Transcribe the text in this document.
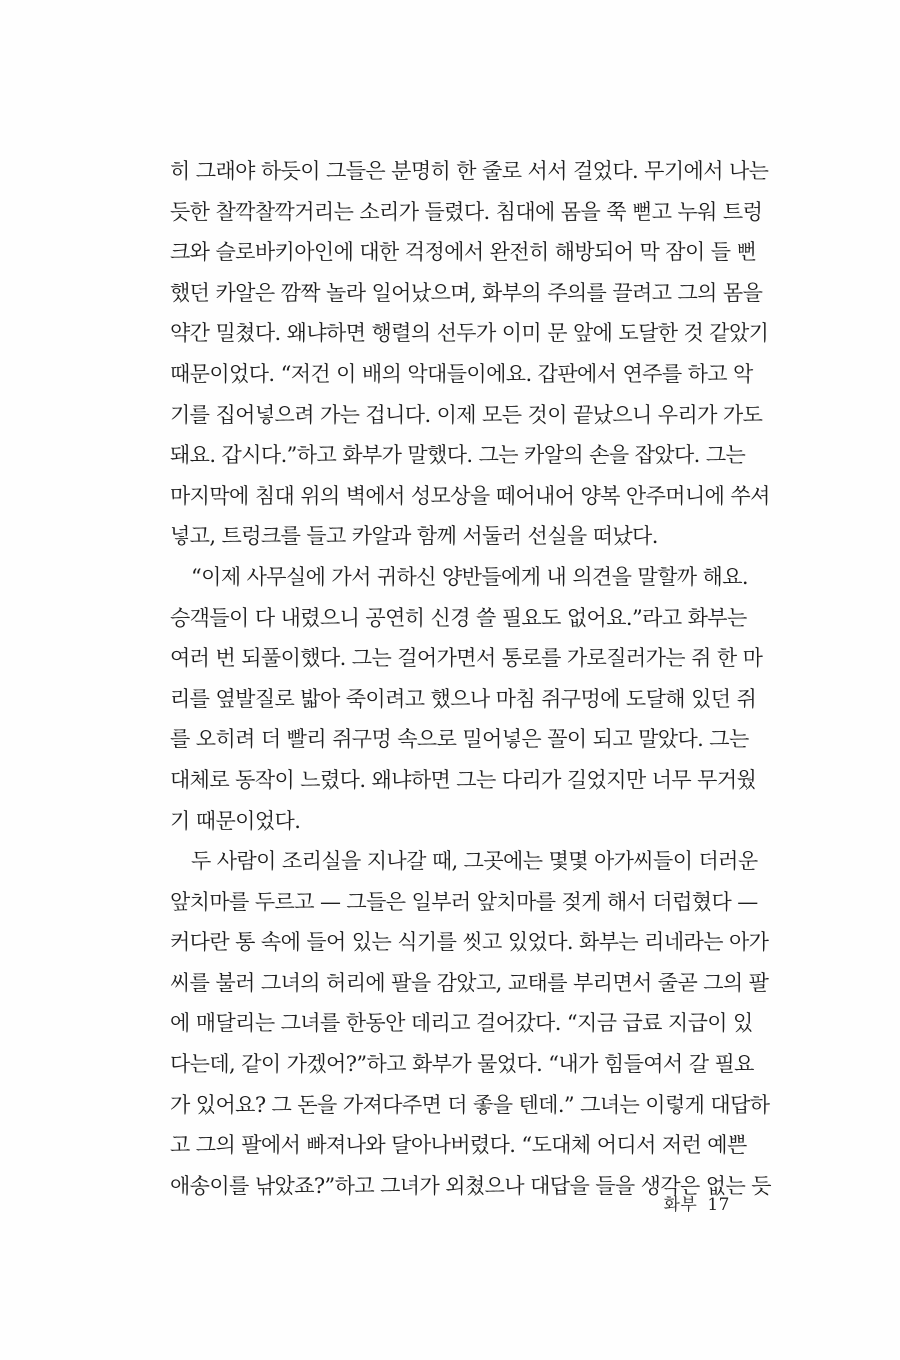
히 그래야 하듯이 그들은 분명히 한 줄로 서서 걸었다. 무기에서 나는
듯한 찰깍찰깍거리는 소리가 들렸다. 침대에 몸을 쭉 뻗고 누워 트렁
크와 슬로바키아인에 대한 걱정에서 완전히 해방되어 막 잠이 들 뻔
했던 카알은 깜짝 놀라 일어났으며, 화부의 주의를 끌려고 그의 몸을
약간 밀쳤다. 왜냐하면 행렬의 선두가 이미 문 앞에 도달한 것 같았기
때문이었다. “저건 이 배의 악대들이에요. 갑판에서 연주를 하고 악
기를 집어넣으려 가는 겁니다. 이제 모든 것이 끝났으니 우리가 가도
돼요. 갑시다.”하고 화부가 말했다. 그는 카알의 손을 잡았다. 그는
마지막에 침대 위의 벽에서 성모상을 떼어내어 양복 안주머니에 쑤셔
넣고, 트렁크를 들고 카알과 함께 서둘러 선실을 떠났다.
“이제 사무실에 가서 귀하신 양반들에게 내 의견을 말할까 해요.
승객들이 다 내렸으니 공연히 신경 쓸 필요도 없어요.”라고 화부는
여러 번 되풀이했다. 그는 걸어가면서 통로를 가로질러가는 쥐 한 마
리를 옆발질로 밟아 죽이려고 했으나 마침 쥐구멍에 도달해 있던 쥐
를 오히려 더 빨리 쥐구멍 속으로 밀어넣은 꼴이 되고 말았다. 그는
대체로 동작이 느렸다. 왜냐하면 그는 다리가 길었지만 너무 무거웠
기 때문이었다.
두 사람이 조리실을 지나갈 때, 그곳에는 몇몇 아가씨들이 더러운
앞치마를 두르고 — 그들은 일부러 앞치마를 젖게 해서 더럽혔다 —
커다란 통 속에 들어 있는 식기를 씻고 있었다. 화부는 리네라는 아가
씨를 불러 그녀의 허리에 팔을 감았고, 교태를 부리면서 줄곧 그의 팔
에 매달리는 그녀를 한동안 데리고 걸어갔다. “지금 급료 지급이 있
다는데, 같이 가겠어?”하고 화부가 물었다. “내가 힘들여서 갈 필요
가 있어요? 그 돈을 가져다주면 더 좋을 텐데.” 그녀는 이렇게 대답하
고 그의 팔에서 빠져나와 달아나버렸다. “도대체 어디서 저런 예쁜
애송이를 낚았죠?”하고 그녀가 외쳤으나 대답을 들을 생각은 없는 듯
화부 17
